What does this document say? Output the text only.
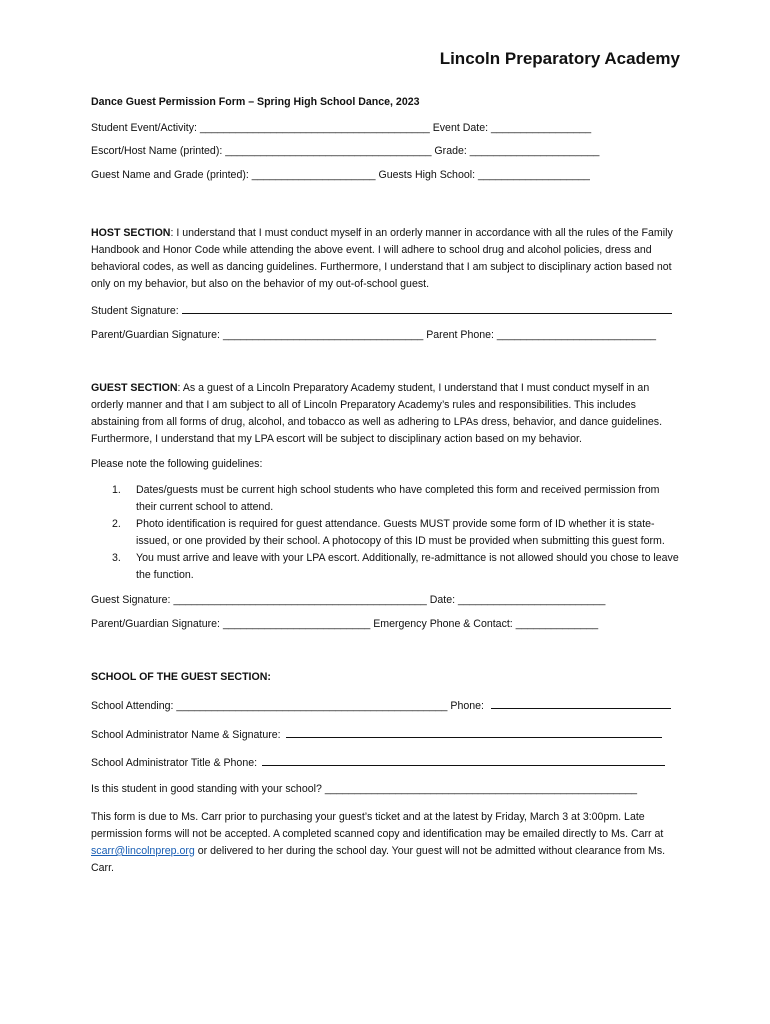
Lincoln Preparatory Academy
Dance Guest Permission Form – Spring High School Dance, 2023
Student Event/Activity: _______________________________________ Event Date: _________________
Escort/Host Name (printed): ___________________________________ Grade: ______________________
Guest Name and Grade (printed): _____________________ Guests High School: ___________________
HOST SECTION: I understand that I must conduct myself in an orderly manner in accordance with all the rules of the Family Handbook and Honor Code while attending the above event. I will adhere to school drug and alcohol policies, dress and behavioral codes, as well as dancing guidelines. Furthermore, I understand that I am subject to disciplinary action based not only on my behavior, but also on the behavior of my out-of-school guest.
Student Signature:
Parent/Guardian Signature: __________________________________ Parent Phone: ___________________________
GUEST SECTION: As a guest of a Lincoln Preparatory Academy student, I understand that I must conduct myself in an orderly manner and that I am subject to all of Lincoln Preparatory Academy’s rules and responsibilities. This includes abstaining from all forms of drug, alcohol, and tobacco as well as adhering to LPAs dress, behavior, and dance guidelines. Furthermore, I understand that my LPA escort will be subject to disciplinary action based on my behavior.
Please note the following guidelines:
1. Dates/guests must be current high school students who have completed this form and received permission from their current school to attend.
2. Photo identification is required for guest attendance. Guests MUST provide some form of ID whether it is state-issued, or one provided by their school. A photocopy of this ID must be provided when submitting this guest form.
3. You must arrive and leave with your LPA escort. Additionally, re-admittance is not allowed should you chose to leave the function.
Guest Signature: ___________________________________________ Date: _________________________
Parent/Guardian Signature: _________________________ Emergency Phone & Contact: ______________
SCHOOL OF THE GUEST SECTION:
School Attending: ______________________________________________ Phone:
School Administrator Name & Signature:
School Administrator Title & Phone:
Is this student in good standing with your school? _____________________________________________________
This form is due to Ms. Carr prior to purchasing your guest’s ticket and at the latest by Friday, March 3 at 3:00pm. Late permission forms will not be accepted. A completed scanned copy and identification may be emailed directly to Ms. Carr at scarr@lincolnprep.org or delivered to her during the school day. Your guest will not be admitted without clearance from Ms. Carr.
